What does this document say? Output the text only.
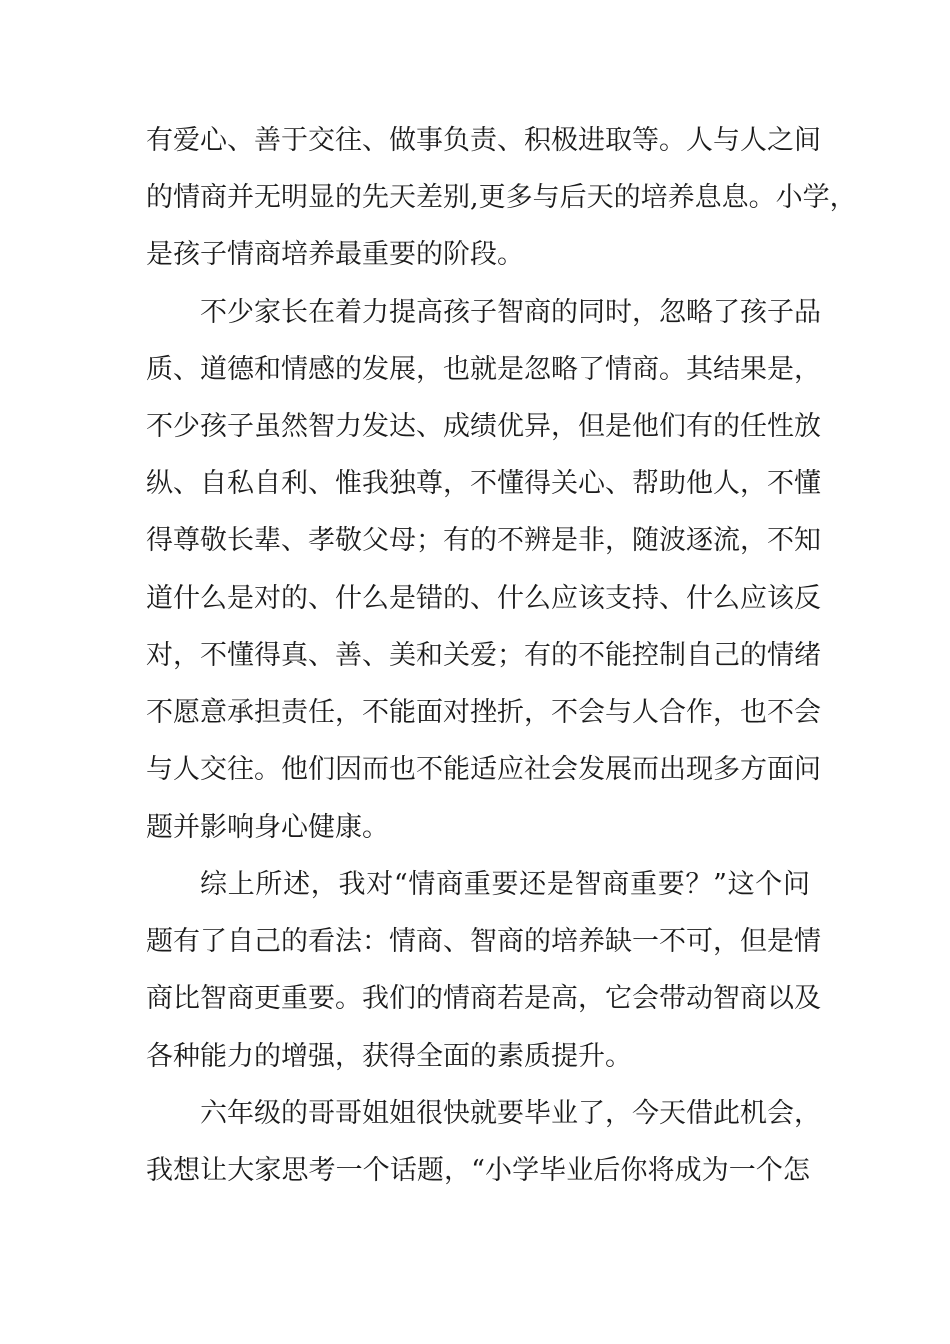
有爱心、善于交往、做事负责、积极进取等。人与人之间
的情商并无明显的先天差别,更多与后天的培养息息。小学，
是孩子情商培养最重要的阶段。
不少家长在着力提高孩子智商的同时，忽略了孩子品
质、道德和情感的发展，也就是忽略了情商。其结果是，
不少孩子虽然智力发达、成绩优异，但是他们有的任性放
纵、自私自利、惟我独尊，不懂得关心、帮助他人，不懂
得尊敬长辈、孝敬父母；有的不辨是非，随波逐流，不知
道什么是对的、什么是错的、什么应该支持、什么应该反
对，不懂得真、善、美和关爱；有的不能控制自己的情绪
不愿意承担责任，不能面对挫折，不会与人合作，也不会
与人交往。他们因而也不能适应社会发展而出现多方面问
题并影响身心健康。
综上所述，我对“情商重要还是智商重要？”这个问
题有了自己的看法：情商、智商的培养缺一不可，但是情
商比智商更重要。我们的情商若是高，它会带动智商以及
各种能力的增强，获得全面的素质提升。
六年级的哥哥姐姐很快就要毕业了，今天借此机会，
我想让大家思考一个话题，“小学毕业后你将成为一个怎
